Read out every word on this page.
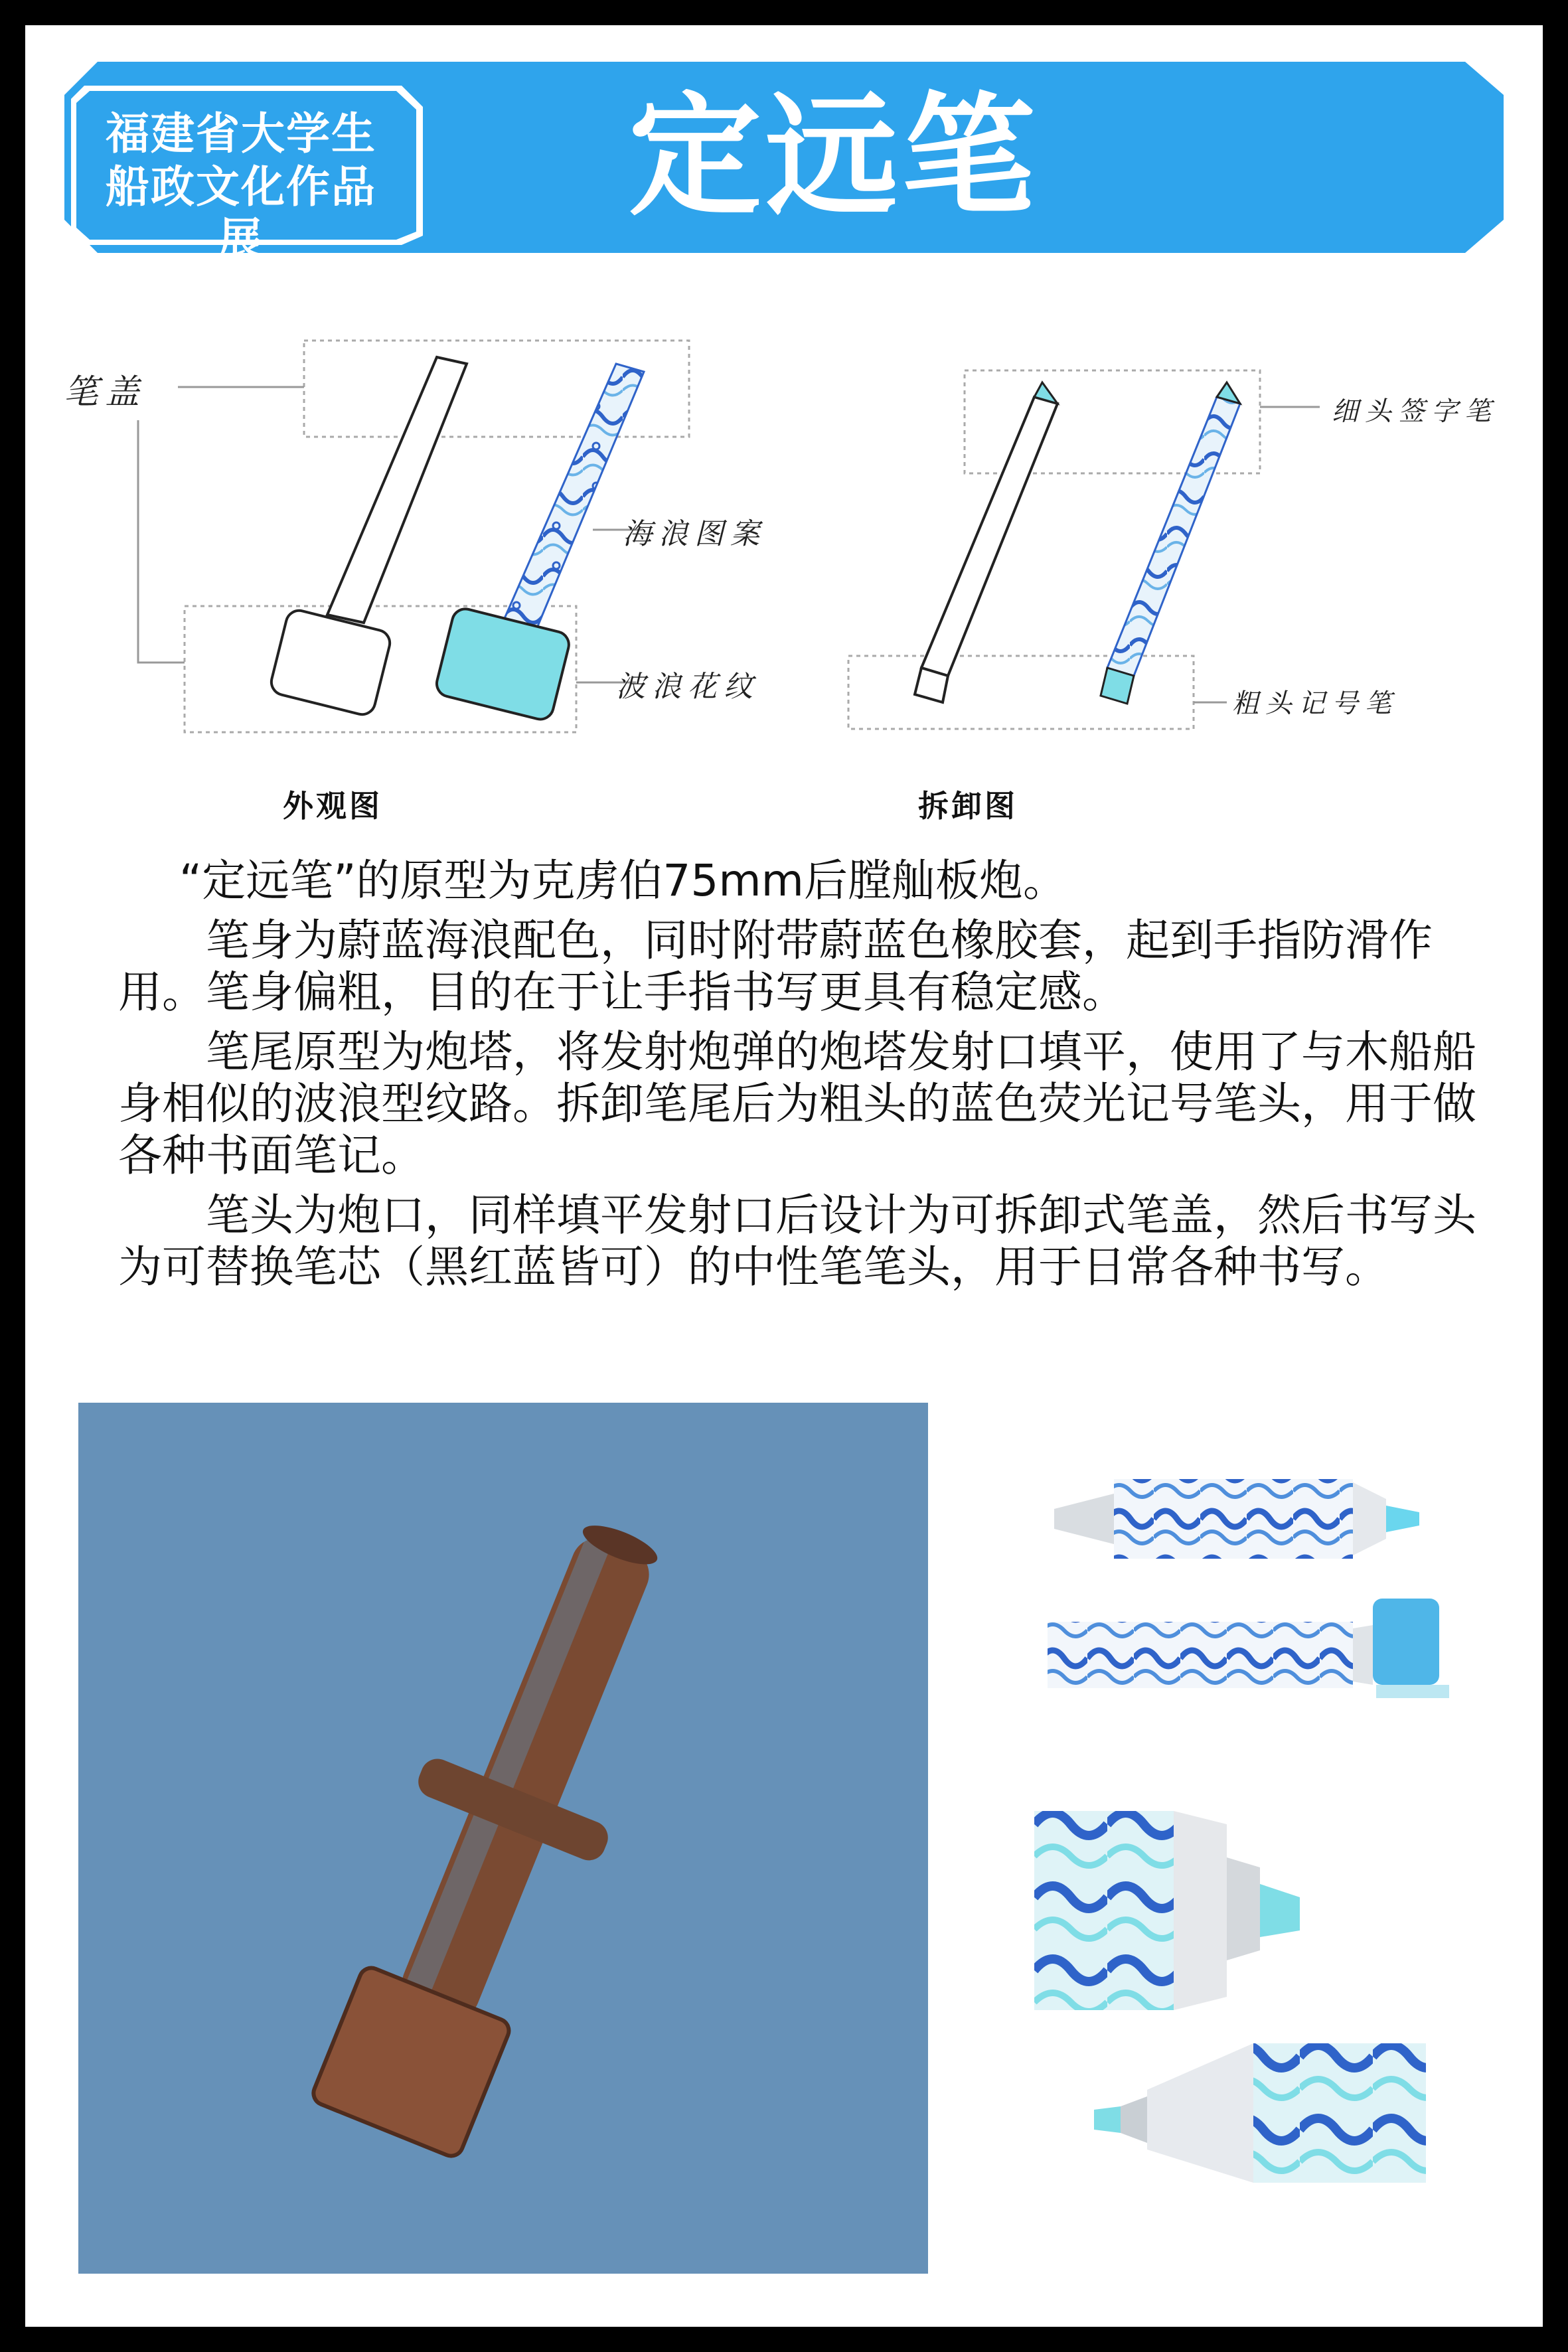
福建省大学生
船政文化作品展
定远笔
笔盖
海浪图案
波浪花纹
外观图
细头签字笔
粗头记号笔
拆卸图

“定远笔”的原型为克虏伯75mm后膛舢板炮。

笔身为蔚蓝海浪配色，同时附带蔚蓝色橡胶套，起到手指防滑作用。笔身偏粗，目的在于让手指书写更具有稳定感。

笔尾原型为炮塔，将发射炮弹的炮塔发射口填平，使用了与木船船身相似的波浪型纹路。拆卸笔尾后为粗头的蓝色荧光记号笔头，用于做各种书面笔记。

笔头为炮口，同样填平发射口后设计为可拆卸式笔盖，然后书写头为可替换笔芯（黑红蓝皆可）的中性笔笔头，用于日常各种书写。
